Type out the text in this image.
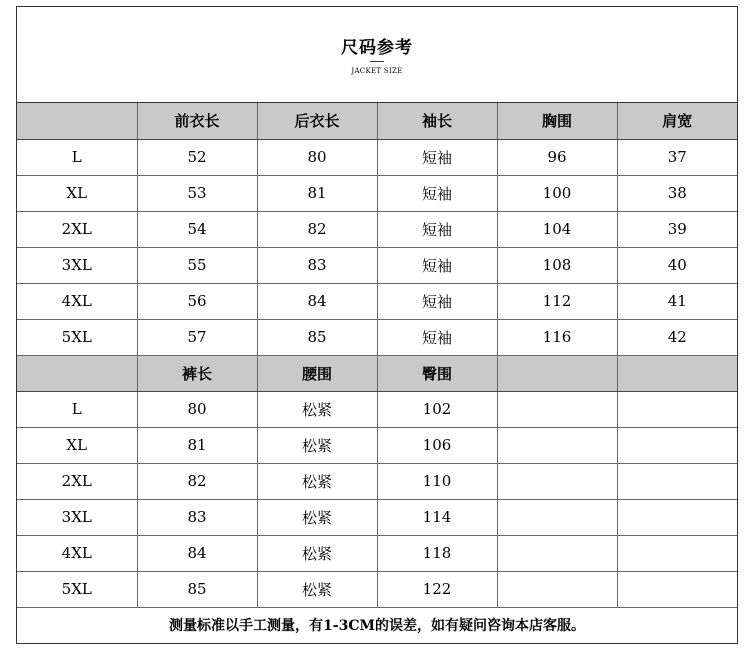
尺码参考
JACKET SIZE
	前衣长	后衣长	袖长	胸围	肩宽
L	52	80	短袖	96	37
XL	53	81	短袖	100	38
2XL	54	82	短袖	104	39
3XL	55	83	短袖	108	40
4XL	56	84	短袖	112	41
5XL	57	85	短袖	116	42
	裤长	腰围	臀围		
L	80	松紧	102		
XL	81	松紧	106		
2XL	82	松紧	110		
3XL	83	松紧	114		
4XL	84	松紧	118		
5XL	85	松紧	122		
测量标准以手工测量，有1-3CM的误差，如有疑问咨询本店客服。
